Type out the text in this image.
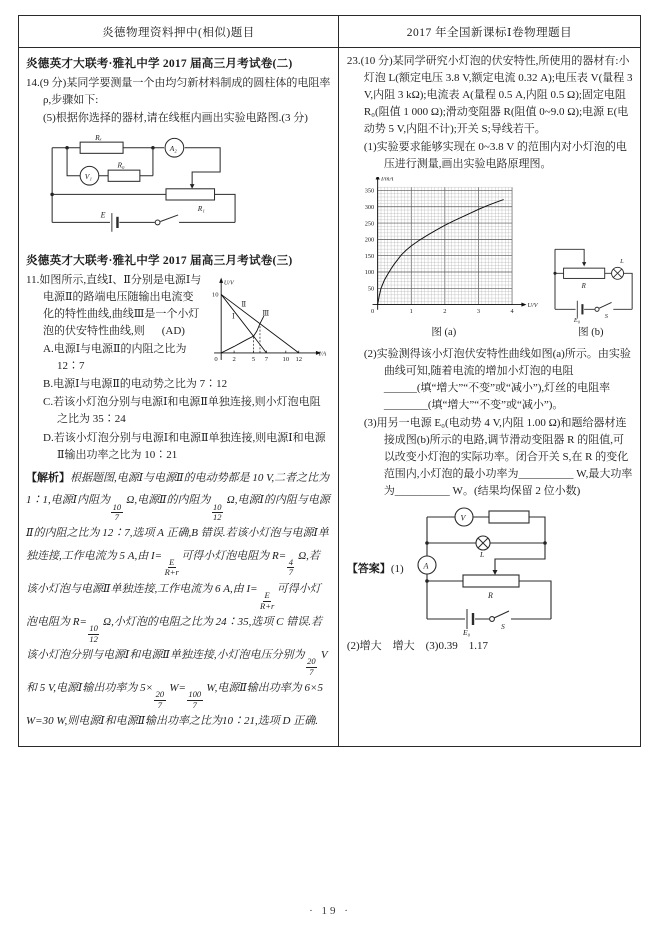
炎德物理资料押中(相似)题目	2017 年全国新课标Ⅰ卷物理题目
炎德英才大联考·雅礼中学 2017 届高三月考试卷(二)

14.(9 分)某同学要测量一个由均匀新材料制成的圆柱体的电阻率 ρ,步骤如下:

(5)根据你选择的器材,请在线框内画出实验电路图.(3 分)

Rₓ
V₁
R₀
A₂
R₁
E
炎德英才大联考·雅礼中学 2017 届高三月考试卷(三)
U/V
I/A
10
0 2 5 7 10 12
Ⅰ
Ⅱ
Ⅲ

11.如图所示,直线Ⅰ、Ⅱ分别是电源Ⅰ与电源Ⅱ的路端电压随输出电流变化的特性曲线,曲线Ⅲ是一个小灯泡的伏安特性曲线,则 (AD)

A.电源Ⅰ与电源Ⅱ的内阻之比为 12∶7

B.电源Ⅰ与电源Ⅱ的电动势之比为 7∶12

C.若该小灯泡分别与电源Ⅰ和电源Ⅱ单独连接,则小灯泡电阻之比为 35∶24

D.若该小灯泡分别与电源Ⅰ和电源Ⅱ单独连接,则电源Ⅰ和电源Ⅱ输出功率之比为 10∶21

【解析】根据题图,电源Ⅰ与电源Ⅱ的电动势都是 10 V,二者之比为 1∶1,电源Ⅰ内阻为
$\frac{10}{7}$
Ω,电源Ⅱ的内阻为
$\frac{10}{12}$
Ω,电源Ⅰ的内阻与电源Ⅱ的内阻之比为 12∶7,选项 A 正确,B 错误.若该小灯泡与电源Ⅰ单独连接,工作电流为 5 A,由 I=
$\frac{E}{R+r}$
可得小灯泡电阻为 R=
$\frac{4}{7}$
Ω,若该小灯泡与电源Ⅱ单独连接,工作电流为 6 A,由 I=
$\frac{E}{R+r}$
可得小灯泡电阻为 R=
$\frac{10}{12}$
Ω,小灯泡的电阻之比为 24∶35,选项 C 错误.若该小灯泡分别与电源Ⅰ和电源Ⅱ单独连接,小灯泡电压分别为
$\frac{20}{7}$
V 和 5 V,电源Ⅰ输出功率为 5×
$\frac{20}{7}$
W=
$\frac{100}{7}$
W,电源Ⅱ输出功率为 6×5 W=30 W,则电源Ⅰ和电源Ⅱ输出功率之比为10∶21,选项 D 正确.

23.(10 分)某同学研究小灯泡的伏安特性,所使用的器材有:小灯泡 L(额定电压 3.8 V,额定电流 0.32 A);电压表 V(量程 3 V,内阻 3 kΩ);电流表 A(量程 0.5 A,内阻 0.5 Ω);固定电阻 R₀(阻值 1 000 Ω);滑动变阻器 R(阻值 0~9.0 Ω);电源 E(电动势 5 V,内阻不计);开关 S;导线若干。

(1)实验要求能够实现在 0~3.8 V 的范围内对小灯泡的电压进行测量,画出实验电路原理图。

50
100
150
200
250
300
350
0	1	2	3	4
I/mA
U/V
图 (a)
R
L
E₀
S
图 (b)

(2)实验测得该小灯泡伏安特性曲线如图(a)所示。由实验曲线可知,随着电流的增加小灯泡的电阻______(填“增大”“不变”或“减小”),灯丝的电阻率________(填“增大”“不变”或“减小”)。

(3)用另一电源 E₀(电动势 4 V,内阻 1.00 Ω)和题给器材连接成图(b)所示的电路,调节滑动变阻器 R 的阻值,可以改变小灯泡的实际功率。闭合开关 S,在 R 的变化范围内,小灯泡的最小功率为__________ W,最大功率为__________ W。(结果均保留 2 位小数)

【答案】(1)
V
L
A
R
E₀
S

(2)增大　增大　(3)0.39　1.17

· 19 ·
